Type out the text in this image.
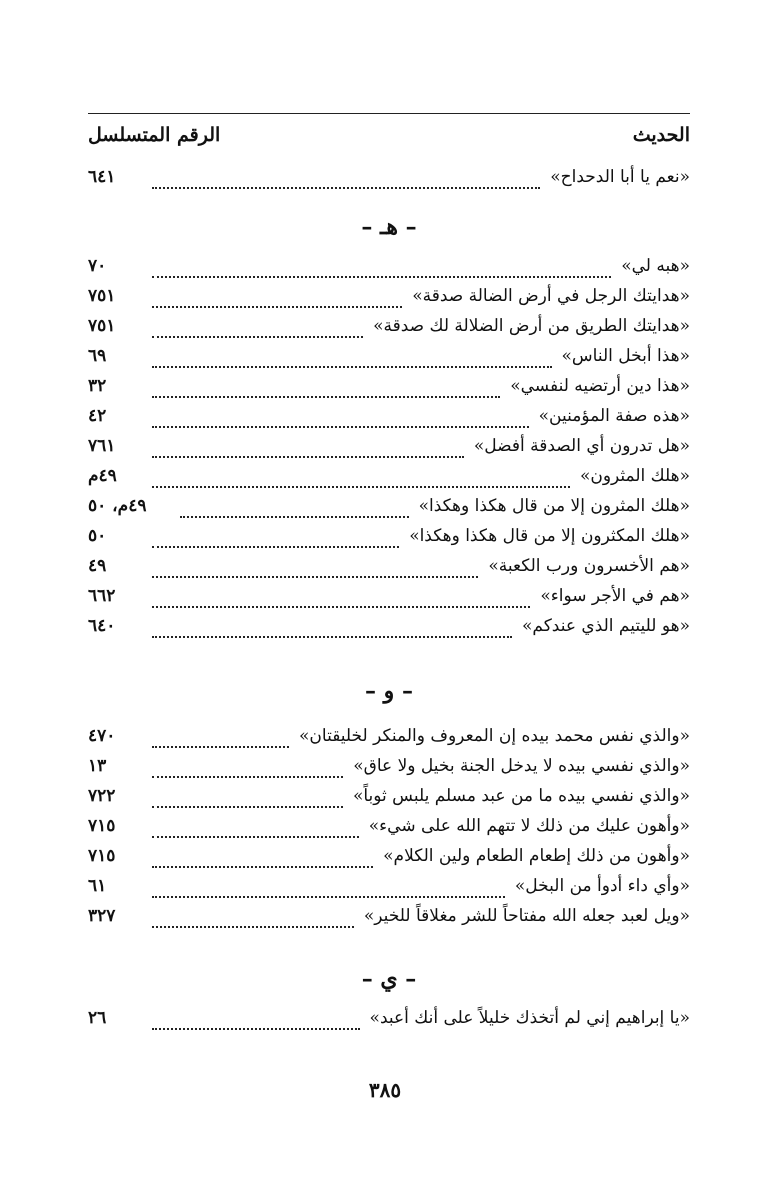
الحديث
الرقم المتسلسل
«نعم يا أبا الدحداح»
٦٤١
– هـ –
«هبه لي»
٧٠
«هدايتك الرجل في أرض الضالة صدقة»
٧٥١
«هدايتك الطريق من أرض الضلالة لك صدقة»
٧٥١
«هذا أبخل الناس»
٦٩
«هذا دين أرتضيه لنفسي»
٣٢
«هذه صفة المؤمنين»
٤٢
«هل تدرون أي الصدقة أفضل»
٧٦١
«هلك المثرون»
٤٩م
«هلك المثرون إلا من قال هكذا وهكذا»
٤٩م، ٥٠
«هلك المكثرون إلا من قال هكذا وهكذا»
٥٠
«هم الأخسرون ورب الكعبة»
٤٩
«هم في الأجر سواء»
٦٦٢
«هو لليتيم الذي عندكم»
٦٤٠
– و –
«والذي نفس محمد بيده إن المعروف والمنكر لخليقتان»
٤٧٠
«والذي نفسي بيده لا يدخل الجنة بخيل ولا عاق»
١٣
«والذي نفسي بيده ما من عبد مسلم يلبس ثوباً»
٧٢٢
«وأهون عليك من ذلك لا تتهم الله على شيء»
٧١٥
«وأهون من ذلك إطعام الطعام ولين الكلام»
٧١٥
«وأي داء أدوأ من البخل»
٦١
«ويل لعبد جعله الله مفتاحاً للشر مغلاقاً للخير»
٣٢٧
– ي –
«يا إبراهيم إني لم أتخذك خليلاً على أنك أعبد»
٢٦
٣٨٥
